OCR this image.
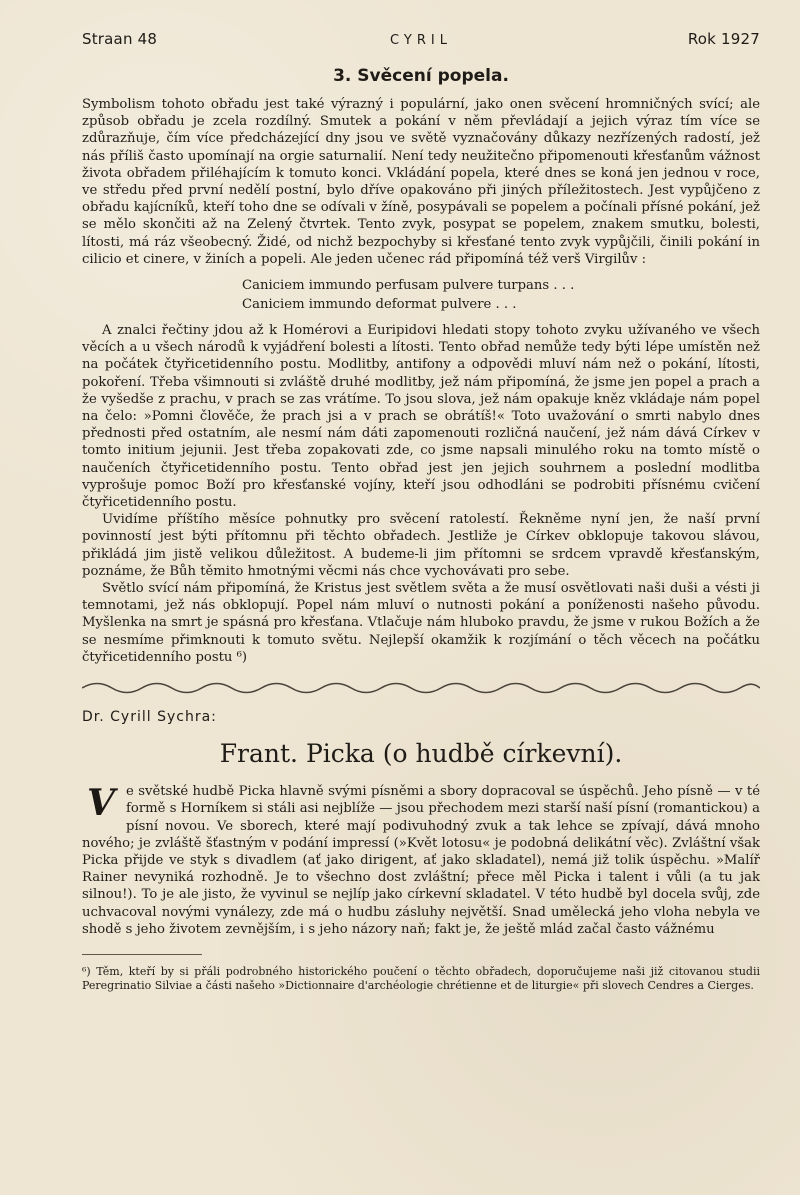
Straan 48	CYRIL	Rok 1927
3. Svěcení popela.

Symbolism tohoto obřadu jest také výrazný i populární, jako onen svěcení hromničných svící; ale způsob obřadu je zcela rozdílný. Smutek a pokání v něm převládají a jejich výraz tím více se zdůrazňuje, čím více předcházející dny jsou ve světě vyznačovány důkazy nezřízených radostí, jež nás příliš často upomínají na orgie saturnalií. Není tedy neužitečno připomenouti křesťanům vážnost života obřadem přiléhajícím k tomuto konci. Vkládání popela, které dnes se koná jen jednou v roce, ve středu před první nedělí postní, bylo dříve opakováno při jiných příležitostech. Jest vypůjčeno z obřadu kajícníků, kteří toho dne se odívali v žíně, posypávali se popelem a počínali přísné pokání, jež se mělo skončiti až na Zelený čtvrtek. Tento zvyk, posypat se popelem, znakem smutku, bolesti, lítosti, má ráz všeobecný. Židé, od nichž bezpochyby si křesťané tento zvyk vypůjčili, činili pokání in cilicio et cinere, v žiních a popeli. Ale jeden učenec rád připomíná též verš Virgilův :

Caniciem immundo perfusam pulvere turpans . . .
Caniciem immundo deformat pulvere . . .

A znalci řečtiny jdou až k Homérovi a Euripidovi hledati stopy tohoto zvyku užívaného ve všech věcích a u všech národů k vyjádření bolesti a lítosti. Tento obřad nemůže tedy býti lépe umístěn než na počátek čtyřicetidenního postu. Modlitby, antifony a odpovědi mluví nám než o pokání, lítosti, pokoření. Třeba všimnouti si zvláště druhé modlitby, jež nám připomíná, že jsme jen popel a prach a že vyšedše z prachu, v prach se zas vrátíme. To jsou slova, jež nám opakuje kněz vkládaje nám popel na čelo: »Pomni člověče, že prach jsi a v prach se obrátíš!« Toto uvažování o smrti nabylo dnes přednosti před ostatním, ale nesmí nám dáti zapomenouti rozličná naučení, jež nám dává Církev v tomto initium jejunii. Jest třeba zopakovati zde, co jsme napsali minulého roku na tomto místě o naučeních čtyřicetidenního postu. Tento obřad jest jen jejich souhrnem a poslední modlitba vyprošuje pomoc Boží pro křesťanské vojíny, kteří jsou odhodláni se podrobiti přísnému cvičení čtyřicetidenního postu.

Uvidíme příštího měsíce pohnutky pro svěcení ratolestí. Řekněme nyní jen, že naší první povinností jest býti přítomnu při těchto obřadech. Jestliže je Církev obklopuje takovou slávou, přikládá jim jistě velikou důležitost. A budeme-li jim přítomni se srdcem vpravdě křesťanským, poznáme, že Bůh těmito hmotnými věcmi nás chce vychovávati pro sebe.

Světlo svící nám připomíná, že Kristus jest světlem světa a že musí osvětlovati naši duši a vésti ji temnotami, jež nás obklopují. Popel nám mluví o nutnosti pokání a poníženosti našeho původu. Myšlenka na smrt je spásná pro křesťana. Vtlačuje nám hluboko pravdu, že jsme v rukou Božích a že se nesmíme přimknouti k tomuto světu. Nejlepší okamžik k rozjímání o těch věcech na počátku čtyřicetidenního postu ⁶)

Dr. Cyrill Sychra:
Frant. Picka (o hudbě církevní).

V e světské hudbě Picka hlavně svými písněmi a sbory dopracoval se úspěchů. Jeho písně — v té formě s Horníkem si stáli asi nejblíže — jsou přechodem mezi starší naší písní (romantickou) a písní novou. Ve sborech, které mají podivuhodný zvuk a tak lehce se zpívají, dává mnoho nového; je zvláště šťastným v podání impressí (»Květ lotosu« je podobná delikátní věc). Zvláštní však Picka přijde ve styk s divadlem (ať jako dirigent, ať jako skladatel), nemá již tolik úspěchu. »Malíř Rainer nevyniká rozhodně. Je to všechno dost zvláštní; přece měl Picka i talent i vůli (a tu jak silnou!). To je ale jisto, že vyvinul se nejlíp jako církevní skladatel. V této hudbě byl docela svůj, zde uchvacoval novými vynálezy, zde má o hudbu zásluhy největší. Snad umělecká jeho vloha nebyla ve shodě s jeho životem zevnějším, i s jeho názory naň; fakt je, že ještě mlád začal často vážnému

⁶) Těm, kteří by si přáli podrobného historického poučení o těchto obřadech, doporučujeme naši již citovanou studii Peregrinatio Silviae a části našeho »Dictionnaire d'archéologie chrétienne et de liturgie« při slovech Cendres a Cierges.
